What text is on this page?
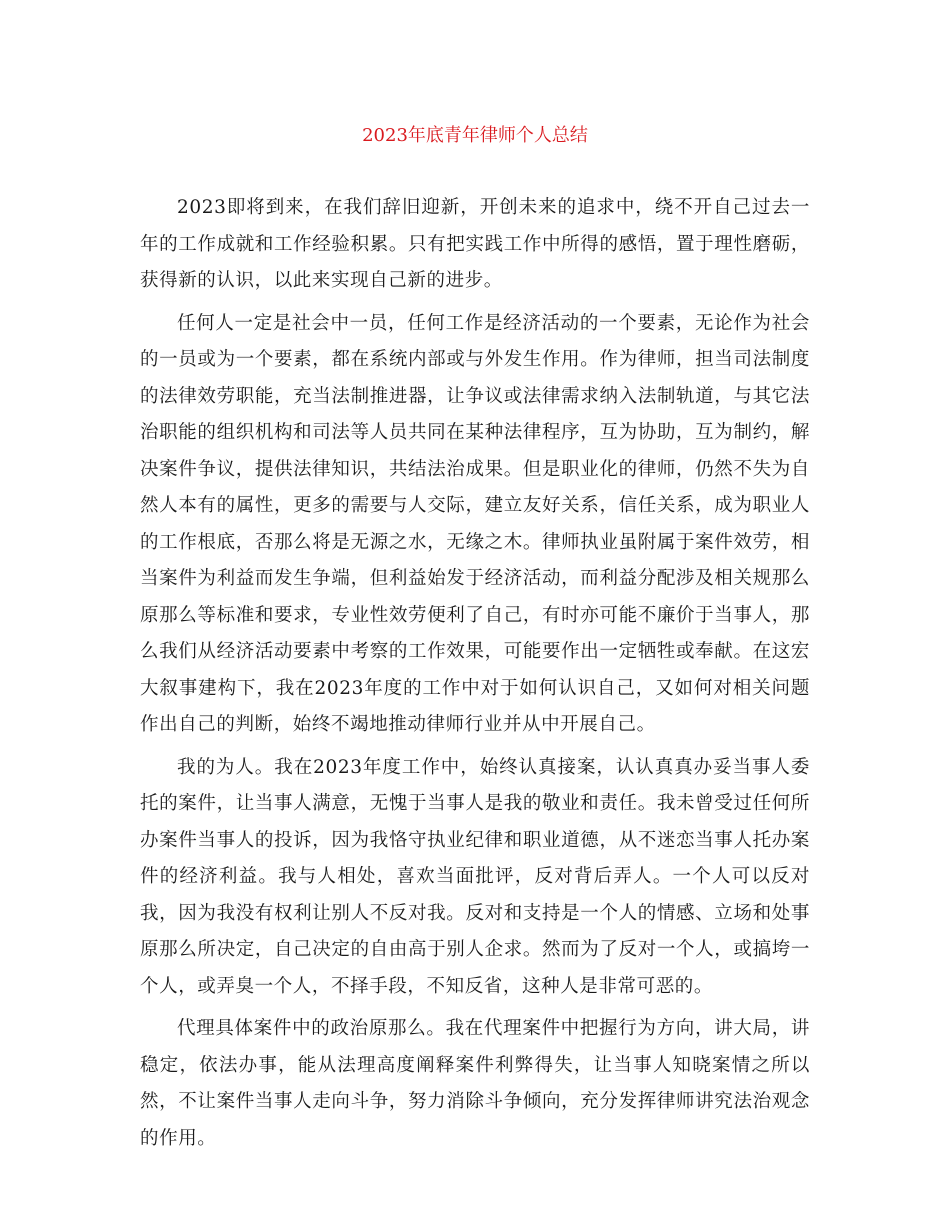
2023年底青年律师个人总结

2023即将到来，在我们辞旧迎新，开创未来的追求中，绕不开自己过去一年的工作成就和工作经验积累。只有把实践工作中所得的感悟，置于理性磨砺，获得新的认识，以此来实现自己新的进步。

任何人一定是社会中一员，任何工作是经济活动的一个要素，无论作为社会的一员或为一个要素，都在系统内部或与外发生作用。作为律师，担当司法制度的法律效劳职能，充当法制推进器，让争议或法律需求纳入法制轨道，与其它法治职能的组织机构和司法等人员共同在某种法律程序，互为协助，互为制约，解决案件争议，提供法律知识，共结法治成果。但是职业化的律师，仍然不失为自然人本有的属性，更多的需要与人交际，建立友好关系，信任关系，成为职业人的工作根底，否那么将是无源之水，无缘之木。律师执业虽附属于案件效劳，相当案件为利益而发生争端，但利益始发于经济活动，而利益分配涉及相关规那么原那么等标准和要求，专业性效劳便利了自己，有时亦可能不廉价于当事人，那么我们从经济活动要素中考察的工作效果，可能要作出一定牺牲或奉献。在这宏大叙事建构下，我在2023年度的工作中对于如何认识自己，又如何对相关问题作出自己的判断，始终不竭地推动律师行业并从中开展自己。

我的为人。我在2023年度工作中，始终认真接案，认认真真办妥当事人委托的案件，让当事人满意，无愧于当事人是我的敬业和责任。我未曾受过任何所办案件当事人的投诉，因为我恪守执业纪律和职业道德，从不迷恋当事人托办案件的经济利益。我与人相处，喜欢当面批评，反对背后弄人。一个人可以反对我，因为我没有权利让别人不反对我。反对和支持是一个人的情感、立场和处事原那么所决定，自己决定的自由高于别人企求。然而为了反对一个人，或搞垮一个人，或弄臭一个人，不择手段，不知反省，这种人是非常可恶的。

代理具体案件中的政治原那么。我在代理案件中把握行为方向，讲大局，讲稳定，依法办事，能从法理高度阐释案件利弊得失，让当事人知晓案情之所以然，不让案件当事人走向斗争，努力消除斗争倾向，充分发挥律师讲究法治观念的作用。
